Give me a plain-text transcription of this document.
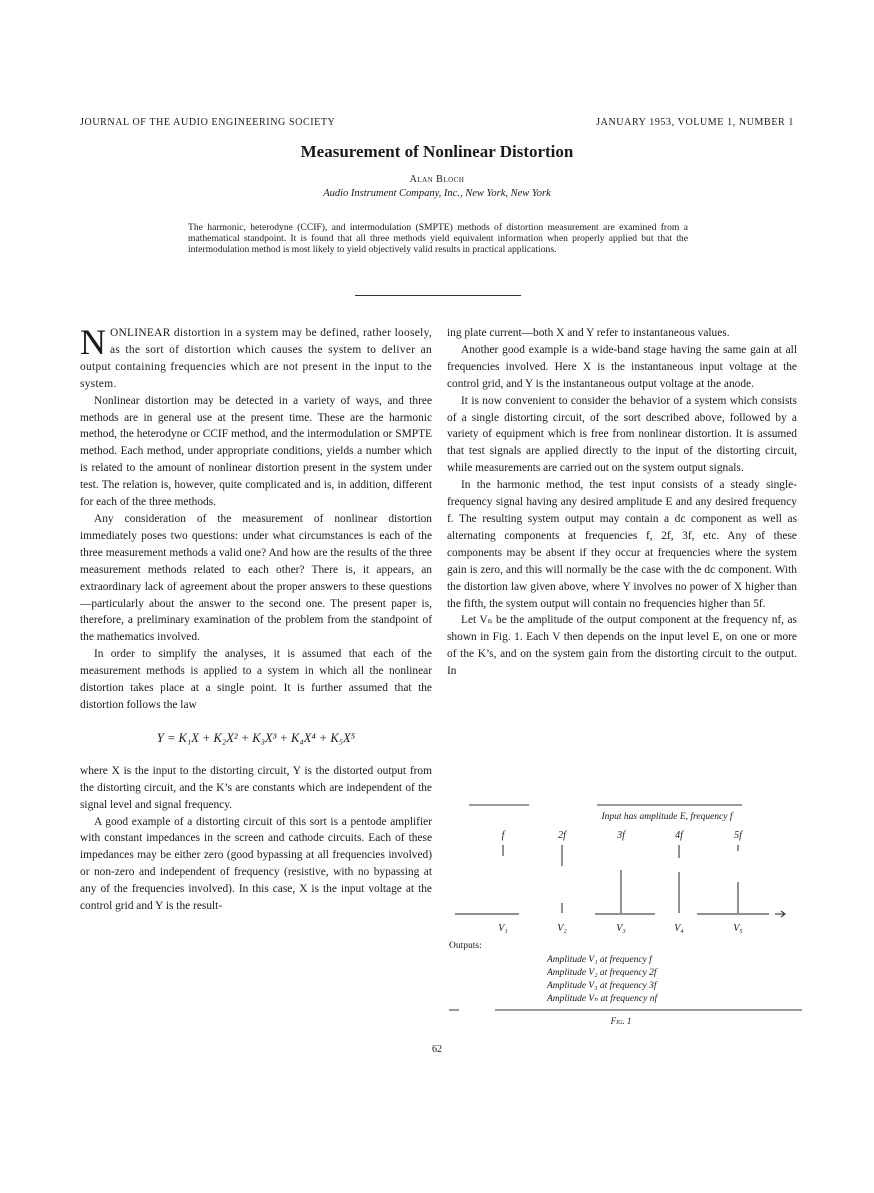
JOURNAL OF THE AUDIO ENGINEERING SOCIETY	JANUARY 1953, VOLUME 1, NUMBER 1
Measurement of Nonlinear Distortion
Alan Bloch
Audio Instrument Company, Inc., New York, New York
The harmonic, heterodyne (CCIF), and intermodulation (SMPTE) methods of distortion measurement are examined from a mathematical standpoint. It is found that all three methods yield equivalent information when properly applied but that the intermodulation method is most likely to yield objectively valid results in practical applications.

NONLINEAR distortion in a system may be defined, rather loosely, as the sort of distortion which causes the system to deliver an output containing frequencies which are not present in the input to the system.

Nonlinear distortion may be detected in a variety of ways, and three methods are in general use at the present time. These are the harmonic method, the heterodyne or CCIF method, and the intermodulation or SMPTE method. Each method, under appropriate conditions, yields a number which is related to the amount of nonlinear distortion present in the system under test. The relation is, however, quite complicated and is, in addition, different for each of the three methods.

Any consideration of the measurement of nonlinear distortion immediately poses two questions: under what circumstances is each of the three measurement methods a valid one? And how are the results of the three measurement methods related to each other? There is, it appears, an extraordinary lack of agreement about the proper answers to these questions—particularly about the answer to the second one. The present paper is, therefore, a preliminary examination of the problem from the standpoint of the mathematics involved.

In order to simplify the analyses, it is assumed that each of the measurement methods is applied to a system in which all the nonlinear distortion takes place at a single point. It is further assumed that the distortion follows the law

Y = K₁X + K₂X² + K₃X³ + K₄X⁴ + K₅X⁵

where X is the input to the distorting circuit, Y is the distorted output from the distorting circuit, and the K’s are constants which are independent of the signal level and signal frequency.

A good example of a distorting circuit of this sort is a pentode amplifier with constant impedances in the screen and cathode circuits. Each of these impedances may be either zero (good bypassing at all frequencies involved) or non-zero and independent of frequency (resistive, with no bypassing at any of the frequencies involved). In this case, X is the input voltage at the control grid and Y is the result-

ing plate current—both X and Y refer to instantaneous values.

Another good example is a wide-band stage having the same gain at all frequencies involved. Here X is the instantaneous input voltage at the control grid, and Y is the instantaneous output voltage at the anode.

It is now convenient to consider the behavior of a system which consists of a single distorting circuit, of the sort described above, followed by a variety of equipment which is free from nonlinear distortion. It is assumed that test signals are applied directly to the input of the distorting circuit, while measurements are carried out on the system output signals.

In the harmonic method, the test input consists of a steady single-frequency signal having any desired amplitude E and any desired frequency f. The resulting system output may contain a dc component as well as alternating components at frequencies f, 2f, 3f, etc. Any of these components may be absent if they occur at frequencies where the system gain is zero, and this will normally be the case with the dc component. With the distortion law given above, where Y involves no power of X higher than the fifth, the system output will contain no frequencies higher than 5f.

Let Vₙ be the amplitude of the output component at the frequency nf, as shown in Fig. 1. Each V then depends on the input level E, on one or more of the K’s, and on the system gain from the distorting circuit to the output. In

Input has amplitude E, frequency f
f	2f	3f	4f	5f
V₁	V₂	V₃	V₄	V₅
Outputs:
Amplitude V₁ at frequency f
Amplitude V₂ at frequency 2f
Amplitude V₃ at frequency 3f
Amplitude Vₙ at frequency nf
Fig. 1
62
